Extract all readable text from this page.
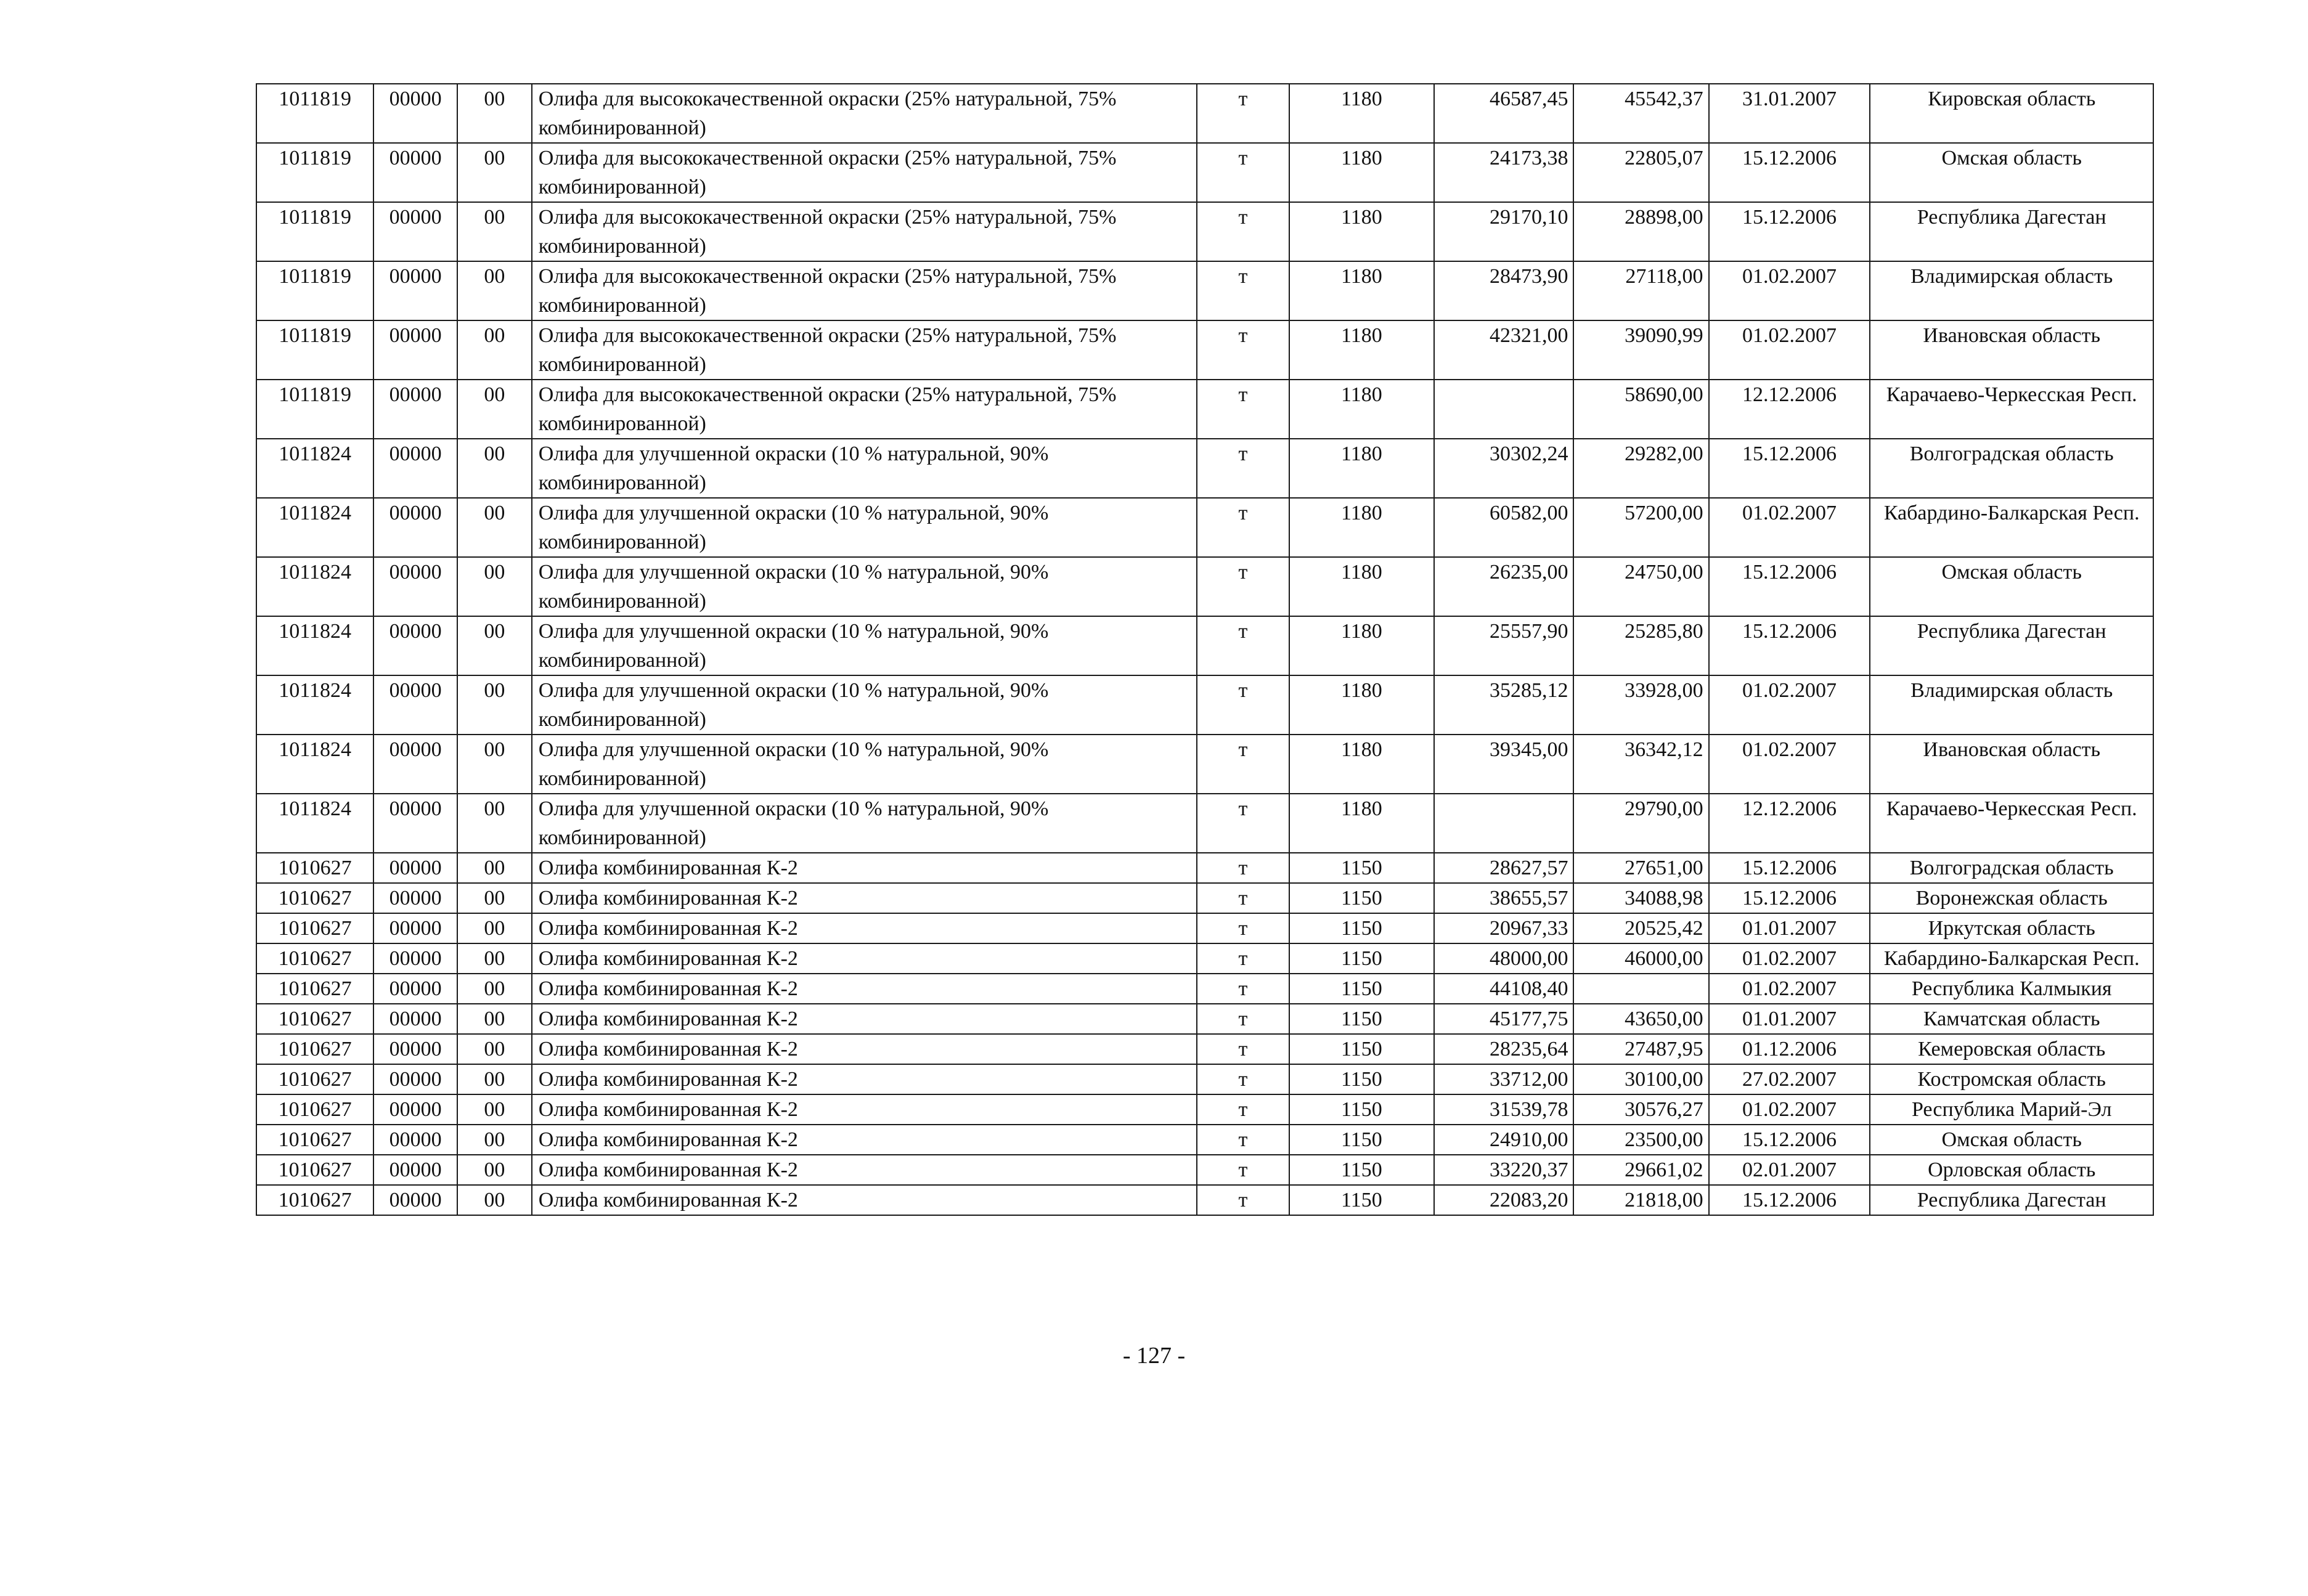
1011819	00000	00	Олифа для высококачественной окраски (25% натуральной, 75% комбинированной)	т	1180	46587,45	45542,37	31.01.2007	Кировская область
1011819	00000	00	Олифа для высококачественной окраски (25% натуральной, 75% комбинированной)	т	1180	24173,38	22805,07	15.12.2006	Омская область
1011819	00000	00	Олифа для высококачественной окраски (25% натуральной, 75% комбинированной)	т	1180	29170,10	28898,00	15.12.2006	Республика Дагестан
1011819	00000	00	Олифа для высококачественной окраски (25% натуральной, 75% комбинированной)	т	1180	28473,90	27118,00	01.02.2007	Владимирская область
1011819	00000	00	Олифа для высококачественной окраски (25% натуральной, 75% комбинированной)	т	1180	42321,00	39090,99	01.02.2007	Ивановская область
1011819	00000	00	Олифа для высококачественной окраски (25% натуральной, 75% комбинированной)	т	1180		58690,00	12.12.2006	Карачаево-Черкесская Респ.
1011824	00000	00	Олифа для улучшенной окраски (10 % натуральной, 90% комбинированной)	т	1180	30302,24	29282,00	15.12.2006	Волгоградская область
1011824	00000	00	Олифа для улучшенной окраски (10 % натуральной, 90% комбинированной)	т	1180	60582,00	57200,00	01.02.2007	Кабардино-Балкарская Респ.
1011824	00000	00	Олифа для улучшенной окраски (10 % натуральной, 90% комбинированной)	т	1180	26235,00	24750,00	15.12.2006	Омская область
1011824	00000	00	Олифа для улучшенной окраски (10 % натуральной, 90% комбинированной)	т	1180	25557,90	25285,80	15.12.2006	Республика Дагестан
1011824	00000	00	Олифа для улучшенной окраски (10 % натуральной, 90% комбинированной)	т	1180	35285,12	33928,00	01.02.2007	Владимирская область
1011824	00000	00	Олифа для улучшенной окраски (10 % натуральной, 90% комбинированной)	т	1180	39345,00	36342,12	01.02.2007	Ивановская область
1011824	00000	00	Олифа для улучшенной окраски (10 % натуральной, 90% комбинированной)	т	1180		29790,00	12.12.2006	Карачаево-Черкесская Респ.
1010627	00000	00	Олифа комбинированная К-2	т	1150	28627,57	27651,00	15.12.2006	Волгоградская область
1010627	00000	00	Олифа комбинированная К-2	т	1150	38655,57	34088,98	15.12.2006	Воронежская область
1010627	00000	00	Олифа комбинированная К-2	т	1150	20967,33	20525,42	01.01.2007	Иркутская область
1010627	00000	00	Олифа комбинированная К-2	т	1150	48000,00	46000,00	01.02.2007	Кабардино-Балкарская Респ.
1010627	00000	00	Олифа комбинированная К-2	т	1150	44108,40		01.02.2007	Республика Калмыкия
1010627	00000	00	Олифа комбинированная К-2	т	1150	45177,75	43650,00	01.01.2007	Камчатская область
1010627	00000	00	Олифа комбинированная К-2	т	1150	28235,64	27487,95	01.12.2006	Кемеровская область
1010627	00000	00	Олифа комбинированная К-2	т	1150	33712,00	30100,00	27.02.2007	Костромская область
1010627	00000	00	Олифа комбинированная К-2	т	1150	31539,78	30576,27	01.02.2007	Республика Марий-Эл
1010627	00000	00	Олифа комбинированная К-2	т	1150	24910,00	23500,00	15.12.2006	Омская область
1010627	00000	00	Олифа комбинированная К-2	т	1150	33220,37	29661,02	02.01.2007	Орловская область
1010627	00000	00	Олифа комбинированная К-2	т	1150	22083,20	21818,00	15.12.2006	Республика Дагестан
- 127 -
